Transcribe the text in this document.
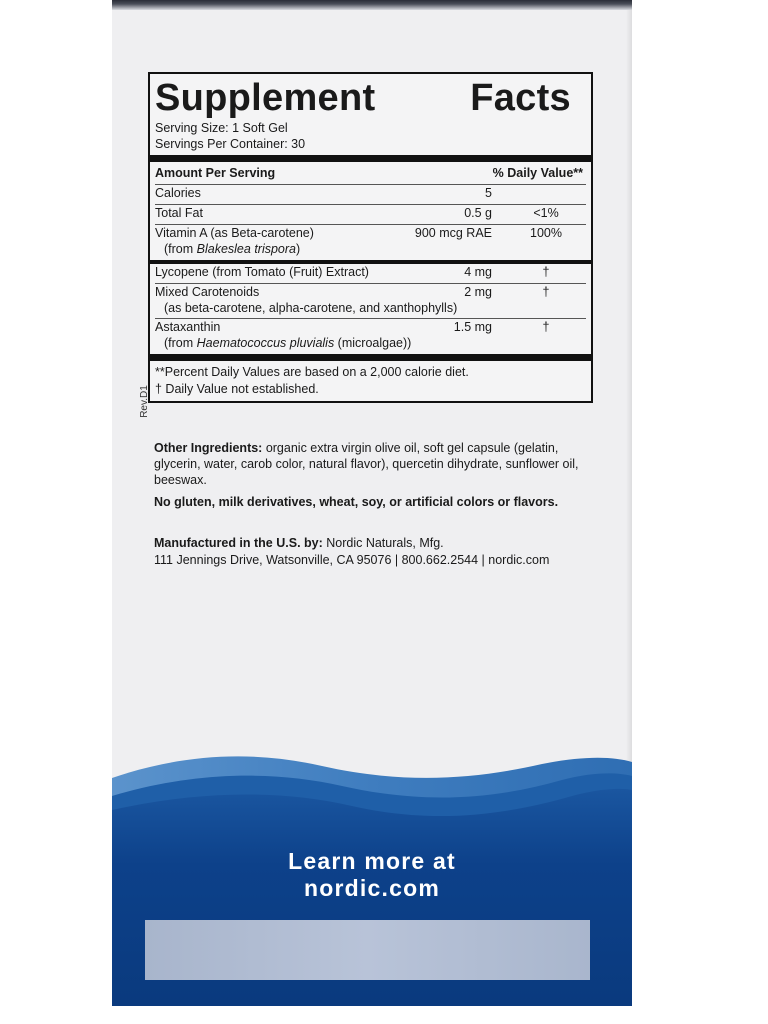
Supplement Facts
Serving Size: 1 Soft Gel
Servings Per Container: 30
Amount Per Serving	% Daily Value**
Calories	5
Total Fat	0.5 g	<1%
Vitamin A (as Beta-carotene)	900 mcg RAE	100%
(from Blakeslea trispora)
Lycopene (from Tomato (Fruit) Extract)	4 mg	†
Mixed Carotenoids	2 mg	†
(as beta-carotene, alpha-carotene, and xanthophylls)
Astaxanthin	1.5 mg	†
(from Haematococcus pluvialis (microalgae))
**Percent Daily Values are based on a 2,000 calorie diet.
† Daily Value not established.
Rev.D1
Other Ingredients: organic extra virgin olive oil, soft gel capsule (gelatin, glycerin, water, carob color, natural flavor), quercetin dihydrate, sunflower oil, beeswax.
No gluten, milk derivatives, wheat, soy, or artificial colors or flavors.
Manufactured in the U.S. by: Nordic Naturals, Mfg.
111 Jennings Drive, Watsonville, CA 95076 | 800.662.2544 | nordic.com
Learn more at
nordic.com
